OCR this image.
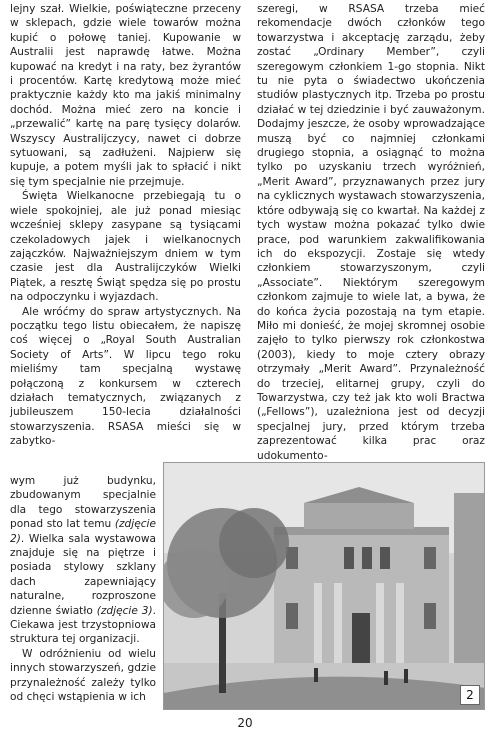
lejny szał. Wielkie, poświąteczne przeceny w sklepach, gdzie wiele towarów można kupić o połowę taniej. Kupowanie w Australii jest naprawdę łatwe. Można kupować na kredyt i na raty, bez żyrantów i procentów. Kartę kredytową może mieć praktycznie każdy kto ma jakiś minimalny dochód. Można mieć zero na koncie i „przewalić” kartę na parę tysięcy dolarów. Wszyscy Australijczycy, nawet ci dobrze sytuowani, są zadłużeni. Najpierw się kupuje, a potem myśli jak to spłacić i nikt się tym specjalnie nie przejmuje.

Święta Wielkanocne przebiegają tu o wiele spokojniej, ale już ponad miesiąc wcześniej sklepy zasypane są tysiącami czekoladowych jajek i wielkanocnych zajączków. Najważniejszym dniem w tym czasie jest dla Australijczyków Wielki Piątek, a resztę Świąt spędza się po prostu na odpoczynku i wyjazdach.

Ale wróćmy do spraw artystycznych. Na początku tego listu obiecałem, że napiszę coś więcej o „Royal South Australian Society of Arts”. W lipcu tego roku mieliśmy tam specjalną wystawę połączoną z konkursem w czterech działach tematycznych, związanych z jubileuszem 150-lecia działalności stowarzyszenia. RSASA mieści się w zabytko-

wym już budynku, zbudowanym specjalnie dla tego stowarzyszenia ponad sto lat temu (zdjęcie 2). Wielka sala wystawowa znajduje się na piętrze i posiada stylowy szklany dach zapewniający naturalne, rozproszone dzienne światło (zdjęcie 3). Ciekawa jest trzystopniowa struktura tej organizacji.

W odróżnieniu od wielu innych stowarzyszeń, gdzie przynależność zależy tylko od chęci wstąpienia w ich

szeregi, w RSASA trzeba mieć rekomendacje dwóch członków tego towarzystwa i akceptację zarządu, żeby zostać „Ordinary Member”, czyli szeregowym członkiem 1-go stopnia. Nikt tu nie pyta o świadectwo ukończenia studiów plastycznych itp. Trzeba po prostu działać w tej dziedzinie i być zauważonym. Dodajmy jeszcze, że osoby wprowadzające muszą być co najmniej członkami drugiego stopnia, a osiągnąć to można tylko po uzyskaniu trzech wyróżnień, „Merit Award”, przyznawanych przez jury na cyklicznych wystawach stowarzyszenia, które odbywają się co kwartał. Na każdej z tych wystaw można pokazać tylko dwie prace, pod warunkiem zakwalifikowania ich do ekspozycji. Zostaje się wtedy członkiem stowarzyszonym, czyli „Associate”. Niektórym szeregowym członkom zajmuje to wiele lat, a bywa, że do końca życia pozostają na tym etapie. Miło mi donieść, że mojej skromnej osobie zajęło to tylko pierwszy rok członkostwa (2003), kiedy to moje cztery obrazy otrzymały „Merit Award”. Przynależność do trzeciej, elitarnej grupy, czyli do Towarzystwa, czy też jak kto woli Bractwa („Fellows”), uzależniona jest od decyzji specjalnej jury, przed którym trzeba zaprezentować kilka prac oraz udokumento-

2
20
